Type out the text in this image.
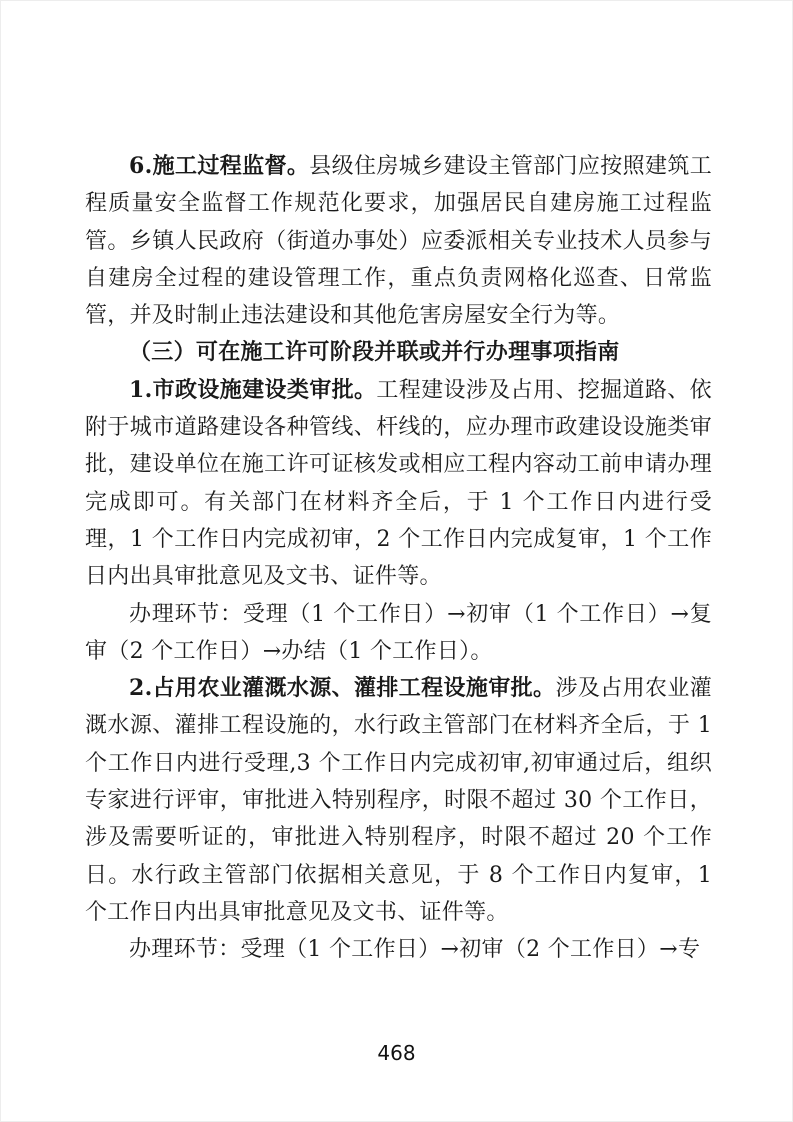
6.施工过程监督。县级住房城乡建设主管部门应按照建筑工程质量安全监督工作规范化要求，加强居民自建房施工过程监管。乡镇人民政府（街道办事处）应委派相关专业技术人员参与自建房全过程的建设管理工作，重点负责网格化巡查、日常监管，并及时制止违法建设和其他危害房屋安全行为等。

（三）可在施工许可阶段并联或并行办理事项指南

1.市政设施建设类审批。工程建设涉及占用、挖掘道路、依附于城市道路建设各种管线、杆线的，应办理市政建设设施类审批，建设单位在施工许可证核发或相应工程内容动工前申请办理完成即可。有关部门在材料齐全后，于 1 个工作日内进行受理，1 个工作日内完成初审，2 个工作日内完成复审，1 个工作日内出具审批意见及文书、证件等。

办理环节：受理（1 个工作日）→初审（1 个工作日）→复审（2 个工作日）→办结（1 个工作日）。

2.占用农业灌溉水源、灌排工程设施审批。涉及占用农业灌溉水源、灌排工程设施的，水行政主管部门在材料齐全后，于 1 个工作日内进行受理,3 个工作日内完成初审,初审通过后，组织专家进行评审，审批进入特别程序，时限不超过 30 个工作日，涉及需要听证的，审批进入特别程序，时限不超过 20 个工作日。水行政主管部门依据相关意见，于 8 个工作日内复审，1 个工作日内出具审批意见及文书、证件等。

办理环节：受理（1 个工作日）→初审（2 个工作日）→专

468
